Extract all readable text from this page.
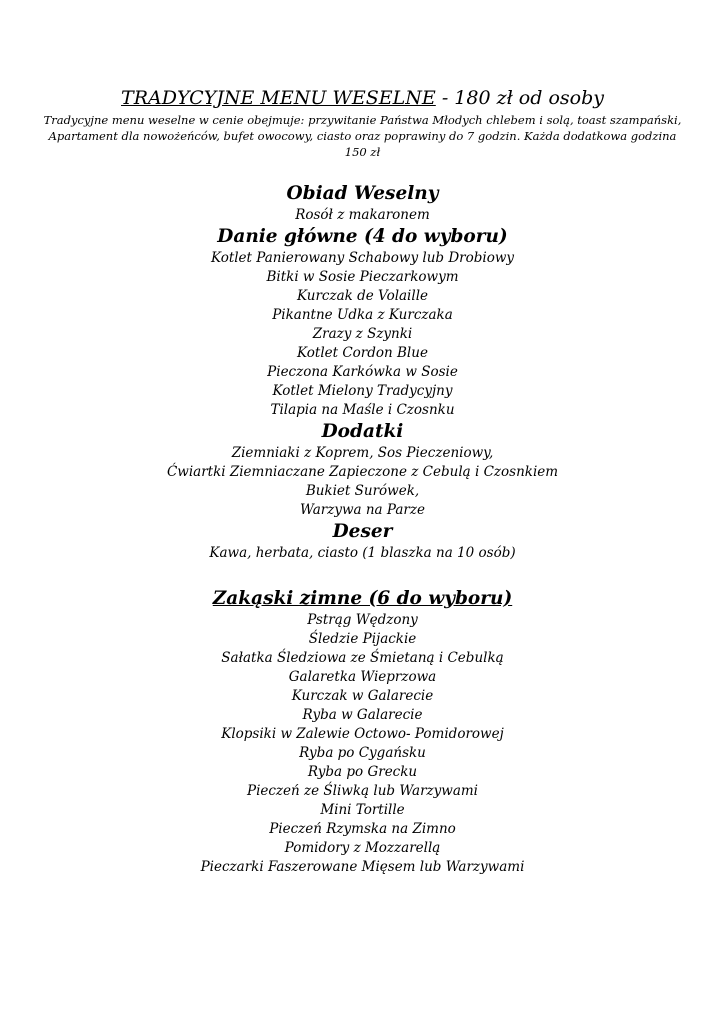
TRADYCYJNE MENU WESELNE - 180 zł od osoby

Tradycyjne menu weselne w cenie obejmuje: przywitanie Państwa Młodych chlebem i solą, toast szampański, Apartament dla nowożeńców, bufet owocowy, ciasto oraz poprawiny do 7 godzin. Każda dodatkowa godzina 150 zł

Obiad Weselny
Rosół z makaronem
Danie główne (4 do wyboru)
Kotlet Panierowany Schabowy lub Drobiowy
Bitki w Sosie Pieczarkowym
Kurczak de Volaille
Pikantne Udka z Kurczaka
Zrazy z Szynki
Kotlet Cordon Blue
Pieczona Karkówka w Sosie
Kotlet Mielony Tradycyjny
Tilapia na Maśle i Czosnku
Dodatki
Ziemniaki z Koprem, Sos Pieczeniowy,
Ćwiartki Ziemniaczane Zapieczone z Cebulą i Czosnkiem
Bukiet Surówek,
Warzywa na Parze
Deser
Kawa, herbata, ciasto (1 blaszka na 10 osób)
Zakąski zimne (6 do wyboru)
Pstrąg Wędzony
Śledzie Pijackie
Sałatka Śledziowa ze Śmietaną i Cebulką
Galaretka Wieprzowa
Kurczak w Galarecie
Ryba w Galarecie
Klopsiki w Zalewie Octowo- Pomidorowej
Ryba po Cygańsku
Ryba po Grecku
Pieczeń ze Śliwką lub Warzywami
Mini Tortille
Pieczeń Rzymska na Zimno
Pomidory z Mozzarellą
Pieczarki Faszerowane Mięsem lub Warzywami
